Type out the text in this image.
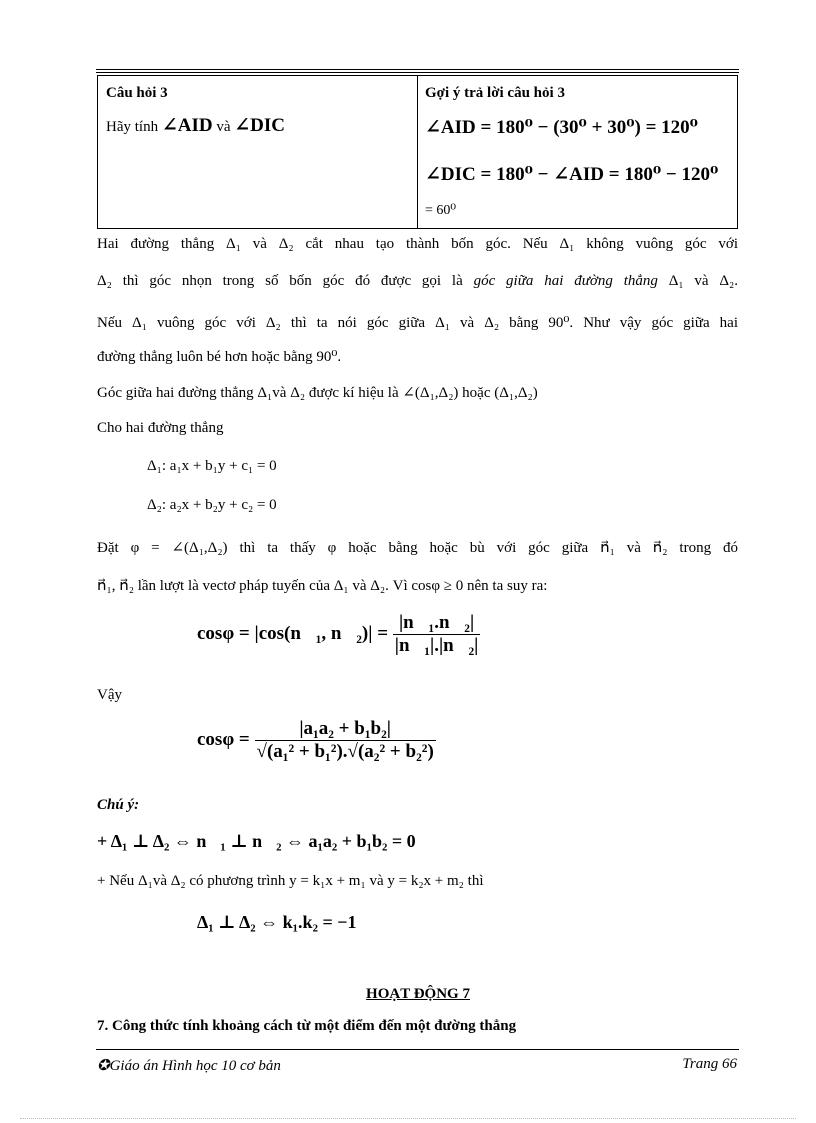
Câu hỏi 3
Hãy tính ∠AID và ∠DIC
Gợi ý trả lời câu hỏi 3
∠AID = 180⁰ − (30⁰ + 30⁰) = 120⁰
∠DIC = 180⁰ − ∠AID = 180⁰ − 120⁰
= 60⁰
Hai đường thẳng Δ₁ và Δ₂ cắt nhau tạo thành bốn góc. Nếu Δ₁ không vuông góc với
Δ₂ thì góc nhọn trong số bốn góc đó được gọi là góc giữa hai đường thẳng Δ₁ và Δ₂.
Nếu Δ₁ vuông góc với Δ₂ thì ta nói góc giữa Δ₁ và Δ₂ bằng 90⁰. Như vậy góc giữa hai
đường thẳng luôn bé hơn hoặc bằng 90⁰.
Góc giữa hai đường thẳng Δ₁và Δ₂ được kí hiệu là ∠(Δ₁,Δ₂) hoặc (Δ₁,Δ₂)
Cho hai đường thẳng
Δ₁: a₁x + b₁y + c₁ = 0
Δ₂: a₂x + b₂y + c₂ = 0
Đặt φ = ∠(Δ₁,Δ₂) thì ta thấy φ hoặc bằng hoặc bù với góc giữa n⃗₁ và n⃗₂ trong đó
n⃗₁, n⃗₂ lần lượt là vectơ pháp tuyến của Δ₁ và Δ₂. Vì cosφ ≥ 0 nên ta suy ra:
cosφ = |cos(n⃗₁, n⃗₂)| = $\frac{\text{|n⃗₁.n⃗₂|}}{\text{|n⃗₁|.|n⃗₂|}}$
Vậy
$\cos\varphi = \frac{\text{|a₁a₂ + b₁b₂|}}{\text{√(a₁² + b₁²).√(a₂² + b₂²)}}$
Chú ý:
+ Δ₁ ⊥ Δ₂ ⇔ n⃗₁ ⊥ n⃗₂ ⇔ a₁a₂ + b₁b₂ = 0
+ Nếu Δ₁và Δ₂ có phương trình y = k₁x + m₁ và y = k₂x + m₂ thì
Δ₁ ⊥ Δ₂ ⇔ k₁.k₂ = −1
HOẠT ĐỘNG 7
7. Công thức tính khoảng cách từ một điểm đến một đường thẳng
✪Giáo án Hình học 10 cơ bản	Trang 66
